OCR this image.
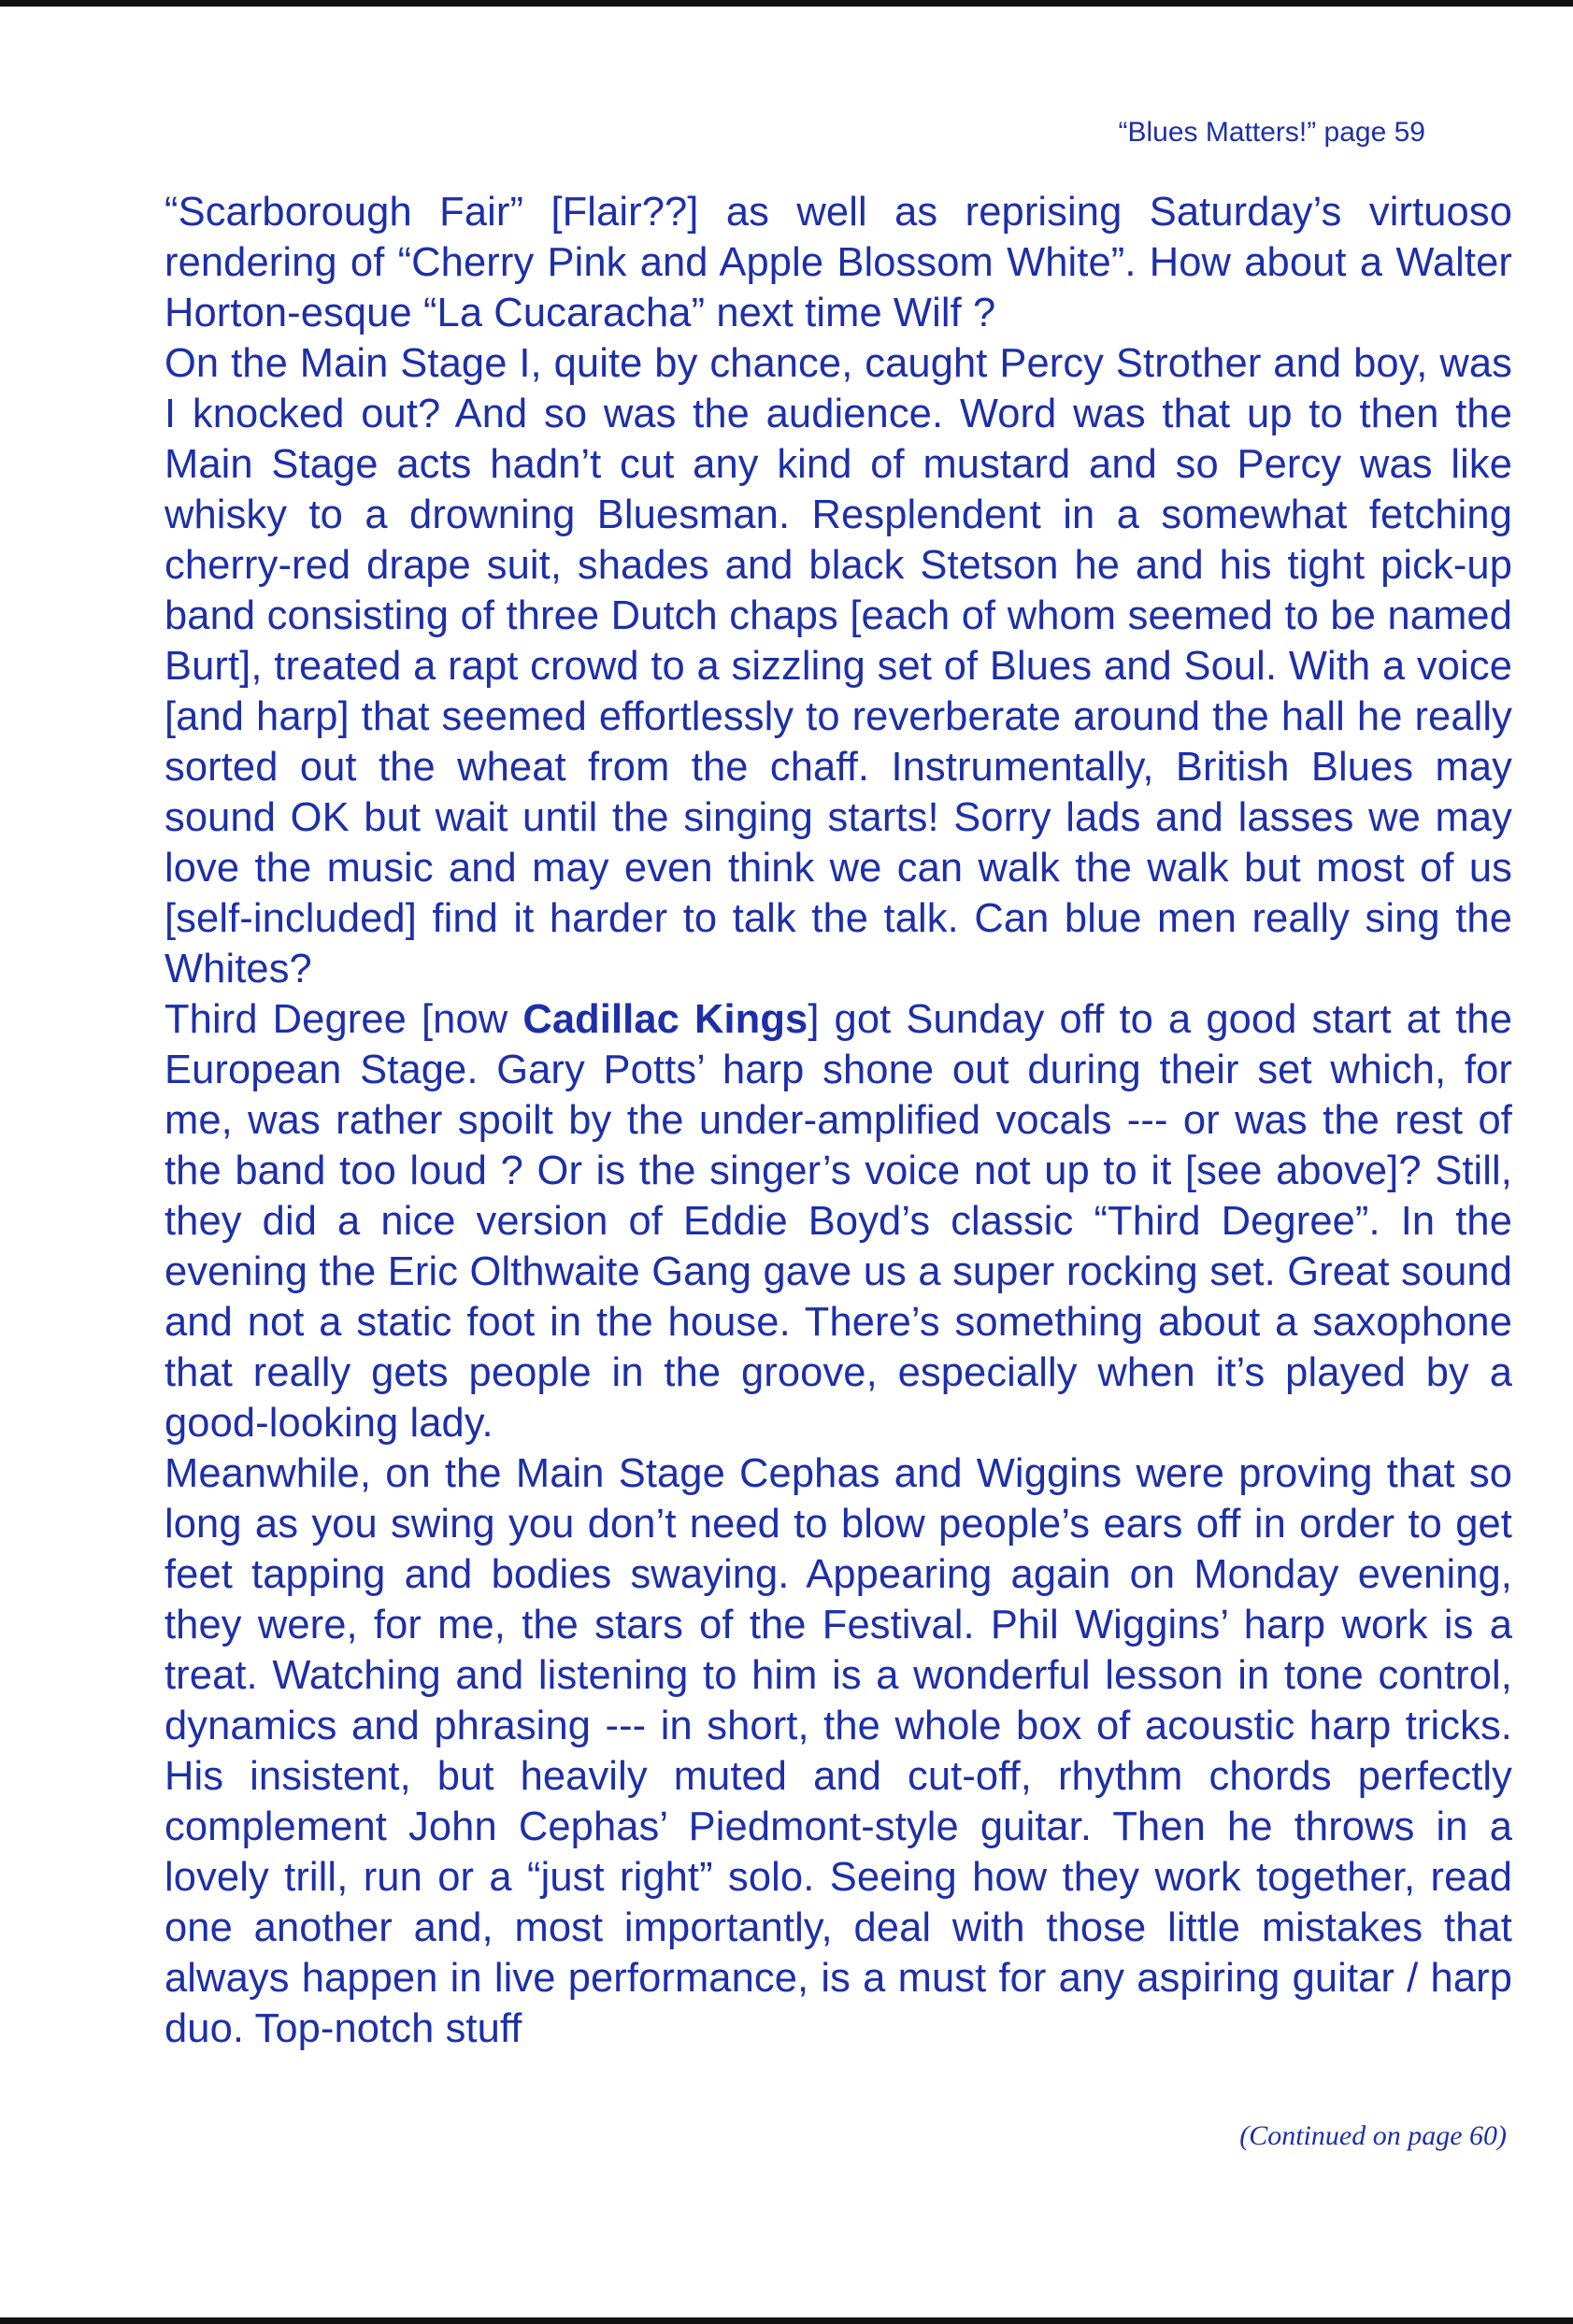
“Blues Matters!” page 59

“Scarborough Fair” [Flair??] as well as reprising Saturday’s virtuoso rendering of “Cherry Pink and Apple Blossom White”. How about a Walter Horton-esque “La Cucaracha” next time Wilf ?

On the Main Stage I, quite by chance, caught Percy Strother and boy, was I knocked out? And so was the audience. Word was that up to then the Main Stage acts hadn’t cut any kind of mustard and so Percy was like whisky to a drowning Bluesman. Resplendent in a somewhat fetching cherry-red drape suit, shades and black Stetson he and his tight pick-up band consisting of three Dutch chaps [each of whom seemed to be named Burt], treated a rapt crowd to a sizzling set of Blues and Soul. With a voice [and harp] that seemed effortlessly to reverberate around the hall he really sorted out the wheat from the chaff. Instrumentally, British Blues may sound OK but wait until the singing starts! Sorry lads and lasses we may love the music and may even think we can walk the walk but most of us [self-included] find it harder to talk the talk. Can blue men really sing the Whites?

Third Degree [now Cadillac Kings] got Sunday off to a good start at the European Stage. Gary Potts’ harp shone out during their set which, for me, was rather spoilt by the under-amplified vocals --- or was the rest of the band too loud ? Or is the singer’s voice not up to it [see above]? Still, they did a nice version of Eddie Boyd’s classic “Third Degree”. In the evening the Eric Olthwaite Gang gave us a super rocking set. Great sound and not a static foot in the house. There’s something about a saxophone that really gets people in the groove, especially when it’s played by a good-looking lady.

Meanwhile, on the Main Stage Cephas and Wiggins were proving that so long as you swing you don’t need to blow people’s ears off in order to get feet tapping and bodies swaying. Appearing again on Monday evening, they were, for me, the stars of the Festival. Phil Wiggins’ harp work is a treat. Watching and listening to him is a wonderful lesson in tone control, dynamics and phrasing --- in short, the whole box of acoustic harp tricks. His insistent, but heavily muted and cut-off, rhythm chords perfectly complement John Cephas’ Piedmont-style guitar. Then he throws in a lovely trill, run or a “just right” solo. Seeing how they work together, read one another and, most importantly, deal with those little mistakes that always happen in live performance, is a must for any aspiring guitar / harp duo. Top-notch stuff

(Continued on page 60)
